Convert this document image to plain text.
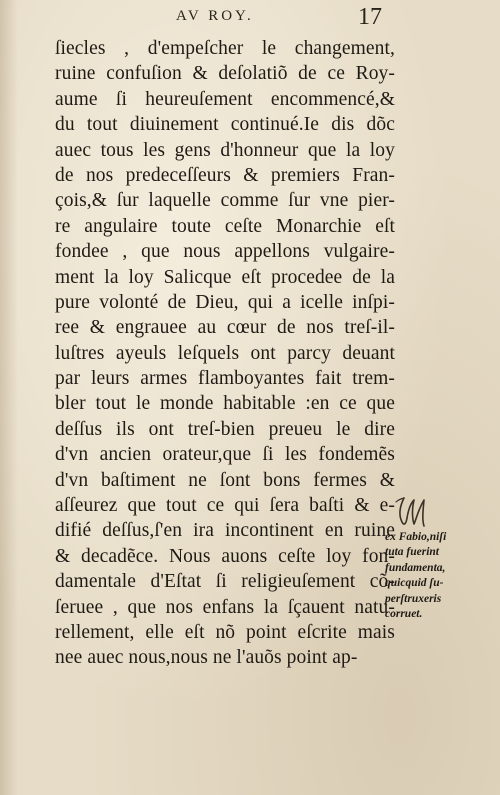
AV ROY.	17
ſiecles , d'empeſcher le changement,
ruine confuſion & deſolatiõ de ce Roy-
aume ſi heureuſement encommencé,&
du tout diuinement continué.Ie dis dõc
auec tous les gens d'honneur que la loy
de nos predeceſſeurs & premiers Fran-
çois,& ſur laquelle comme ſur vne pier-
re angulaire toute ceſte Monarchie eſt
fondee , que nous appellons vulgaire-
ment la loy Salicque eſt procedee de la
pure volonté de Dieu, qui a icelle inſpi-
ree & engrauee au cœur de nos treſ-il-
luſtres ayeuls leſquels ont parcy deuant
par leurs armes flamboyantes fait trem-
bler tout le monde habitable :en ce que
deſſus ils ont treſ-bien preueu le dire
d'vn ancien orateur,que ſi les fondemẽs
d'vn baſtiment ne ſont bons fermes &
aſſeurez que tout ce qui ſera baſti & e-
difié deſſus,ſ'en ira incontinent en ruine
& decadẽce. Nous auons ceſte loy fon-
damentale d'Eſtat ſi religieuſement cõ-
ſeruee , que nos enfans la ſçauent natu-
rellement, elle eſt nõ point eſcrite mais
nee auec nous,nous ne l'auõs point ap-
ex Fabio,niſi
tuta fuerint
fundamenta,
quicquid ſu-
perſtruxeris
corruet.
